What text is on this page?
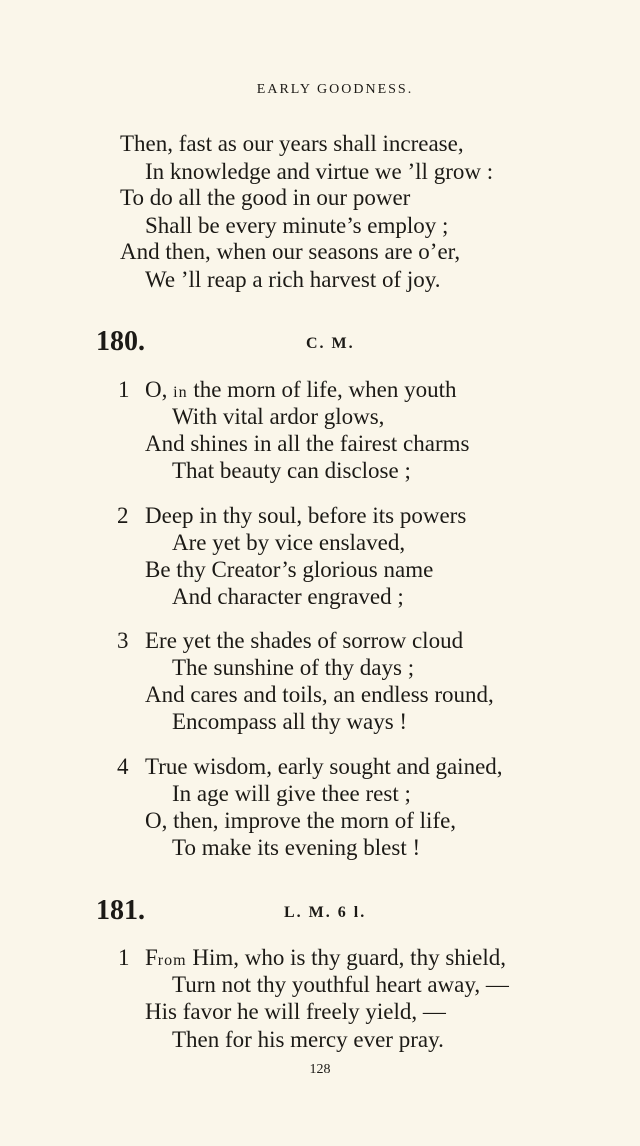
EARLY GOODNESS.
Then, fast as our years shall increase,
In knowledge and virtue we ’ll grow :
To do all the good in our power
Shall be every minute’s employ ;
And then, when our seasons are o’er,
We ’ll reap a rich harvest of joy.
180.	C. M.
1 O, in the morn of life, when youth
With vital ardor glows,
And shines in all the fairest charms
That beauty can disclose ;
2 Deep in thy soul, before its powers
Are yet by vice enslaved,
Be thy Creator’s glorious name
And character engraved ;
3 Ere yet the shades of sorrow cloud
The sunshine of thy days ;
And cares and toils, an endless round,
Encompass all thy ways !
4 True wisdom, early sought and gained,
In age will give thee rest ;
O, then, improve the morn of life,
To make its evening blest !
181.	L. M. 6 l.
1 From Him, who is thy guard, thy shield,
Turn not thy youthful heart away, —
His favor he will freely yield, —
Then for his mercy ever pray.
128
